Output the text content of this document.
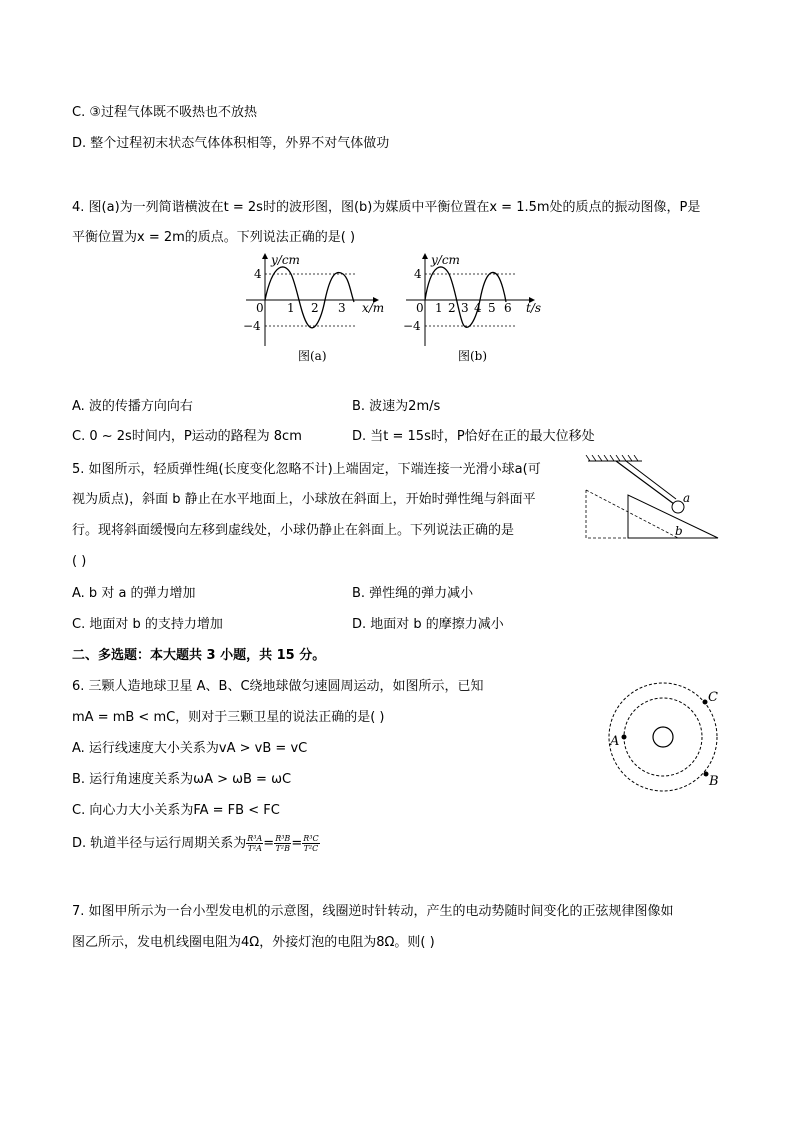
C. ③过程气体既不吸热也不放热
D. 整个过程初末状态气体体积相等，外界不对气体做功
4. 图(a)为一列简谐横波在t = 2s时的波形图，图(b)为媒质中平衡位置在x = 1.5m处的质点的振动图像，P是
平衡位置为x = 2m的质点。下列说法正确的是( )
y/cm
4
−4
0 1 2 3 x/m
图(a)
y/cm
4
−4
0 1 2 3 4 5 6 t/s
图(b)
A. 波的传播方向向右	B. 波速为2m/s
C. 0 ~ 2s时间内，P运动的路程为 8cm	D. 当t = 15s时，P恰好在正的最大位移处
5. 如图所示，轻质弹性绳(长度变化忽略不计)上端固定，下端连接一光滑小球a(可
视为质点)，斜面 b 静止在水平地面上，小球放在斜面上，开始时弹性绳与斜面平
行。现将斜面缓慢向左移到虚线处，小球仍静止在斜面上。下列说法正确的是
( )
a
b
A. b 对 a 的弹力增加	B. 弹性绳的弹力减小
C. 地面对 b 的支持力增加	D. 地面对 b 的摩擦力减小
二、多选题：本大题共 3 小题，共 15 分。
6. 三颗人造地球卫星 A、B、C绕地球做匀速圆周运动，如图所示，已知
mA = mB < mC，则对于三颗卫星的说法正确的是( )
A
C
B
A. 运行线速度大小关系为vA > vB = vC
B. 运行角速度关系为ωA > ωB = ωC
C. 向心力大小关系为FA = FB < FC
D. 轨道半径与运行周期关系为 $\frac{\text{R³A}}{\text{T²A}} = \frac{\text{R³B}}{\text{T²B}} = \frac{\text{R³C}}{\text{T²C}}$
7. 如图甲所示为一台小型发电机的示意图，线圈逆时针转动，产生的电动势随时间变化的正弦规律图像如
图乙所示，发电机线圈电阻为4Ω，外接灯泡的电阻为8Ω。则( )
